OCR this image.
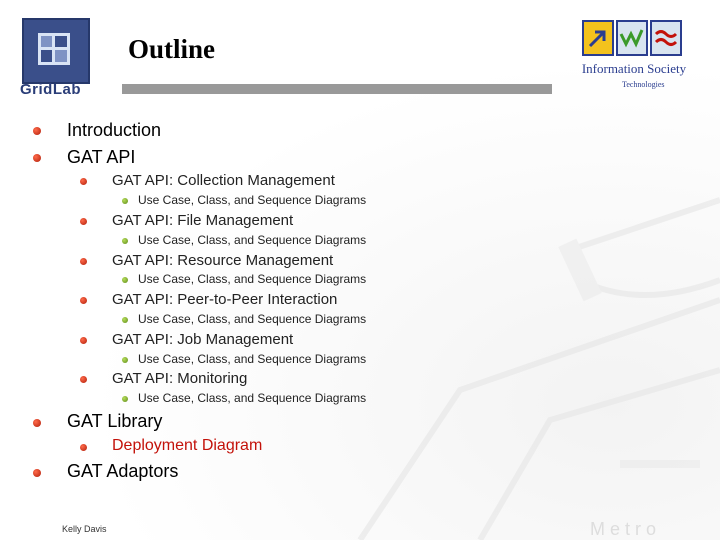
GridLab
Outline
Information Society
Technologies
Introduction
GAT API
GAT API: Collection Management
Use Case, Class, and Sequence Diagrams
GAT API: File Management
Use Case, Class, and Sequence Diagrams
GAT API: Resource Management
Use Case, Class, and Sequence Diagrams
GAT API: Peer-to-Peer Interaction
Use Case, Class, and Sequence Diagrams
GAT API: Job Management
Use Case, Class, and Sequence Diagrams
GAT API: Monitoring
Use Case, Class, and Sequence Diagrams
GAT Library
Deployment Diagram
GAT Adaptors
Kelly Davis	Metro
